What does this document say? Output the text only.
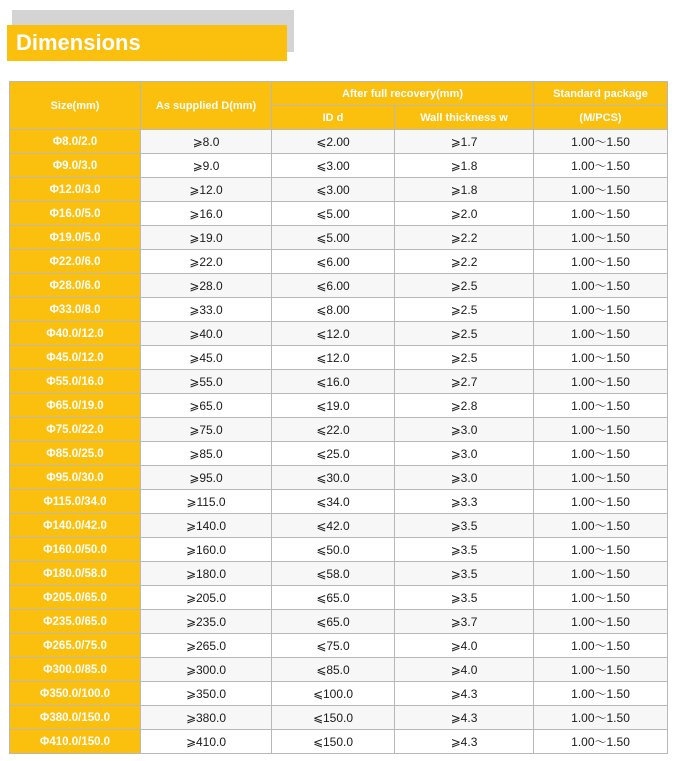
Dimensions
Size(mm)	As supplied D(mm)	After full recovery(mm)		Standard package
		ID d	Wall thickness w	(M/PCS)
Φ8.0/2.0	⩾8.0	⩽2.00	⩾1.7	1.00～1.50
Φ9.0/3.0	⩾9.0	⩽3.00	⩾1.8	1.00～1.50
Φ12.0/3.0	⩾12.0	⩽3.00	⩾1.8	1.00～1.50
Φ16.0/5.0	⩾16.0	⩽5.00	⩾2.0	1.00～1.50
Φ19.0/5.0	⩾19.0	⩽5.00	⩾2.2	1.00～1.50
Φ22.0/6.0	⩾22.0	⩽6.00	⩾2.2	1.00～1.50
Φ28.0/6.0	⩾28.0	⩽6.00	⩾2.5	1.00～1.50
Φ33.0/8.0	⩾33.0	⩽8.00	⩾2.5	1.00～1.50
Φ40.0/12.0	⩾40.0	⩽12.0	⩾2.5	1.00～1.50
Φ45.0/12.0	⩾45.0	⩽12.0	⩾2.5	1.00～1.50
Φ55.0/16.0	⩾55.0	⩽16.0	⩾2.7	1.00～1.50
Φ65.0/19.0	⩾65.0	⩽19.0	⩾2.8	1.00～1.50
Φ75.0/22.0	⩾75.0	⩽22.0	⩾3.0	1.00～1.50
Φ85.0/25.0	⩾85.0	⩽25.0	⩾3.0	1.00～1.50
Φ95.0/30.0	⩾95.0	⩽30.0	⩾3.0	1.00～1.50
Φ115.0/34.0	⩾115.0	⩽34.0	⩾3.3	1.00～1.50
Φ140.0/42.0	⩾140.0	⩽42.0	⩾3.5	1.00～1.50
Φ160.0/50.0	⩾160.0	⩽50.0	⩾3.5	1.00～1.50
Φ180.0/58.0	⩾180.0	⩽58.0	⩾3.5	1.00～1.50
Φ205.0/65.0	⩾205.0	⩽65.0	⩾3.5	1.00～1.50
Φ235.0/65.0	⩾235.0	⩽65.0	⩾3.7	1.00～1.50
Φ265.0/75.0	⩾265.0	⩽75.0	⩾4.0	1.00～1.50
Φ300.0/85.0	⩾300.0	⩽85.0	⩾4.0	1.00～1.50
Φ350.0/100.0	⩾350.0	⩽100.0	⩾4.3	1.00～1.50
Φ380.0/150.0	⩾380.0	⩽150.0	⩾4.3	1.00～1.50
Φ410.0/150.0	⩾410.0	⩽150.0	⩾4.3	1.00～1.50
